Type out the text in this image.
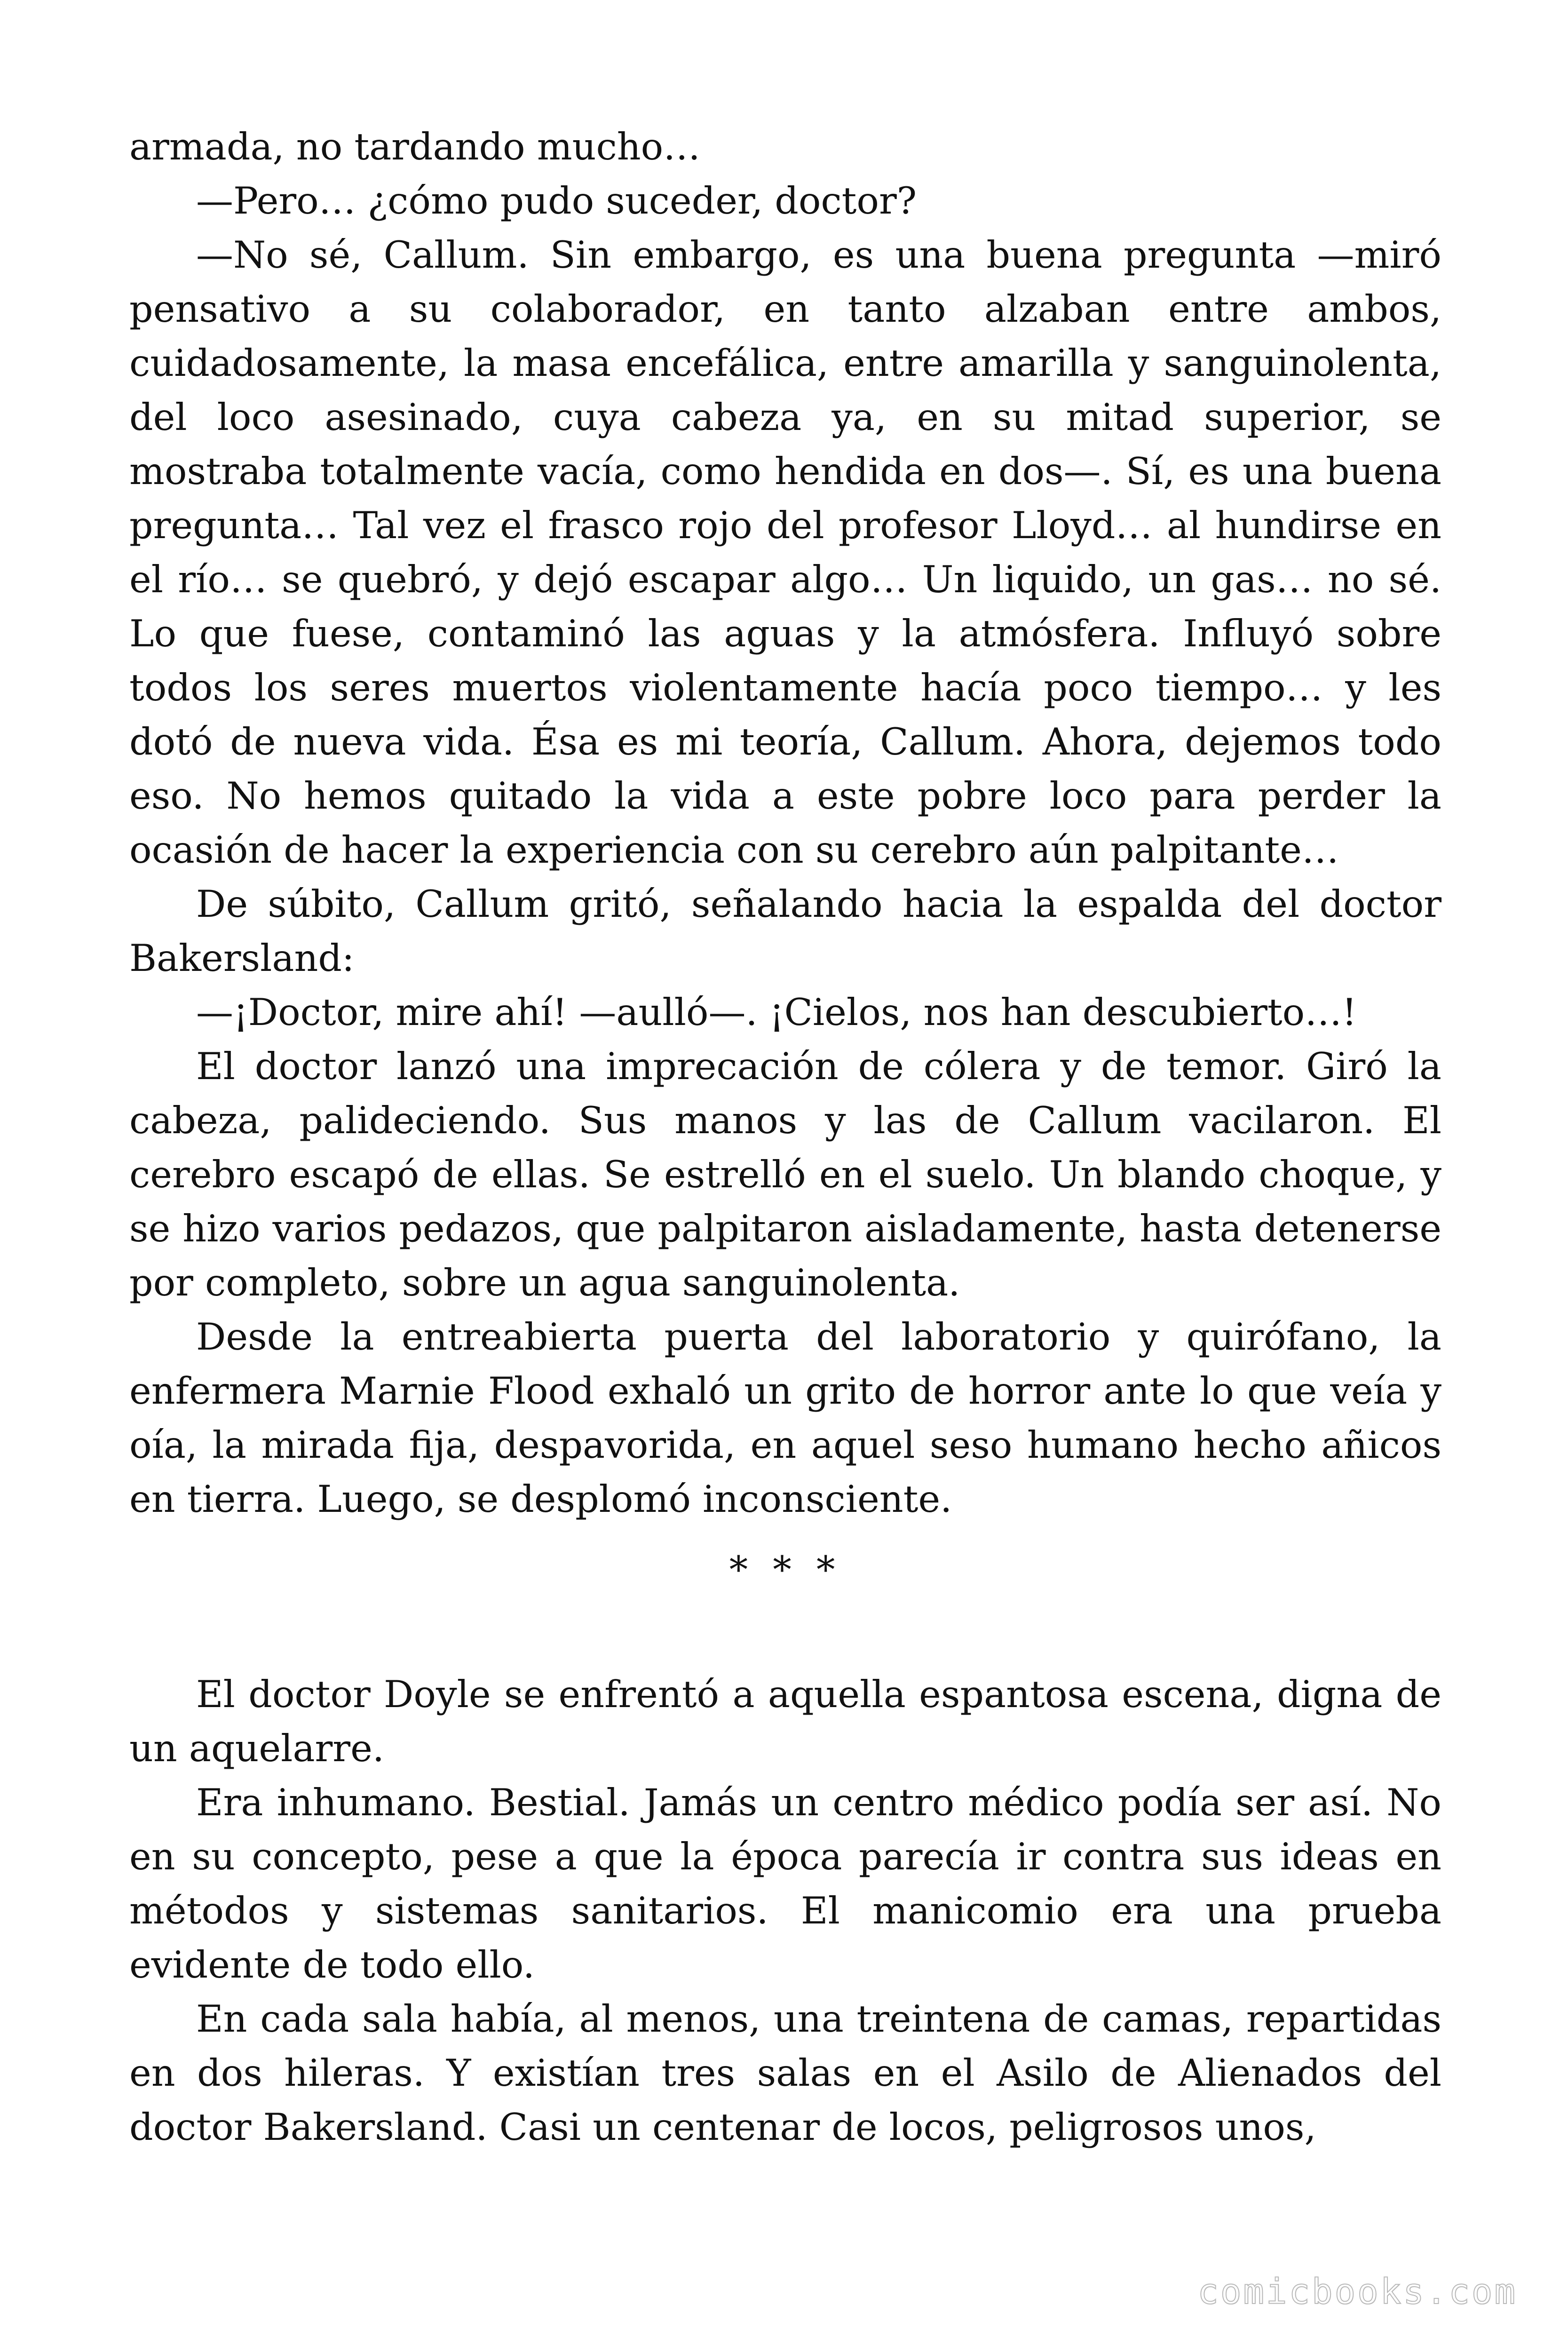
armada, no tardando mucho…

—Pero… ¿cómo pudo suceder, doctor?

—No sé, Callum. Sin embargo, es una buena pregunta —miró pensativo a su colaborador, en tanto alzaban entre ambos, cuidadosamente, la masa encefálica, entre amarilla y sanguinolenta, del loco asesinado, cuya cabeza ya, en su mitad superior, se mostraba totalmente vacía, como hendida en dos—. Sí, es una buena pregunta… Tal vez el frasco rojo del profesor Lloyd… al hundirse en el río… se quebró, y dejó escapar algo… Un liquido, un gas… no sé. Lo que fuese, contaminó las aguas y la atmósfera. Influyó sobre todos los seres muertos violentamente hacía poco tiempo… y les dotó de nueva vida. Ésa es mi teoría, Callum. Ahora, dejemos todo eso. No hemos quitado la vida a este pobre loco para perder la ocasión de hacer la experiencia con su cerebro aún palpitante…

De súbito, Callum gritó, señalando hacia la espalda del doctor Bakersland:

—¡Doctor, mire ahí! —aulló—. ¡Cielos, nos han descubierto…!

El doctor lanzó una imprecación de cólera y de temor. Giró la cabeza, palideciendo. Sus manos y las de Callum vacilaron. El cerebro escapó de ellas. Se estrelló en el suelo. Un blando choque, y se hizo varios pedazos, que palpitaron aisladamente, hasta detenerse por completo, sobre un agua sanguinolenta.

Desde la entreabierta puerta del laboratorio y quirófano, la enfermera Marnie Flood exhaló un grito de horror ante lo que veía y oía, la mirada fija, despavorida, en aquel seso humano hecho añicos en tierra. Luego, se desplomó inconsciente.

* * *

El doctor Doyle se enfrentó a aquella espantosa escena, digna de un aquelarre.

Era inhumano. Bestial. Jamás un centro médico podía ser así. No en su concepto, pese a que la época parecía ir contra sus ideas en métodos y sistemas sanitarios. El manicomio era una prueba evidente de todo ello.

En cada sala había, al menos, una treintena de camas, repartidas en dos hileras. Y existían tres salas en el Asilo de Alienados del doctor Bakersland. Casi un centenar de locos, peligrosos unos,

comicbooks.com
